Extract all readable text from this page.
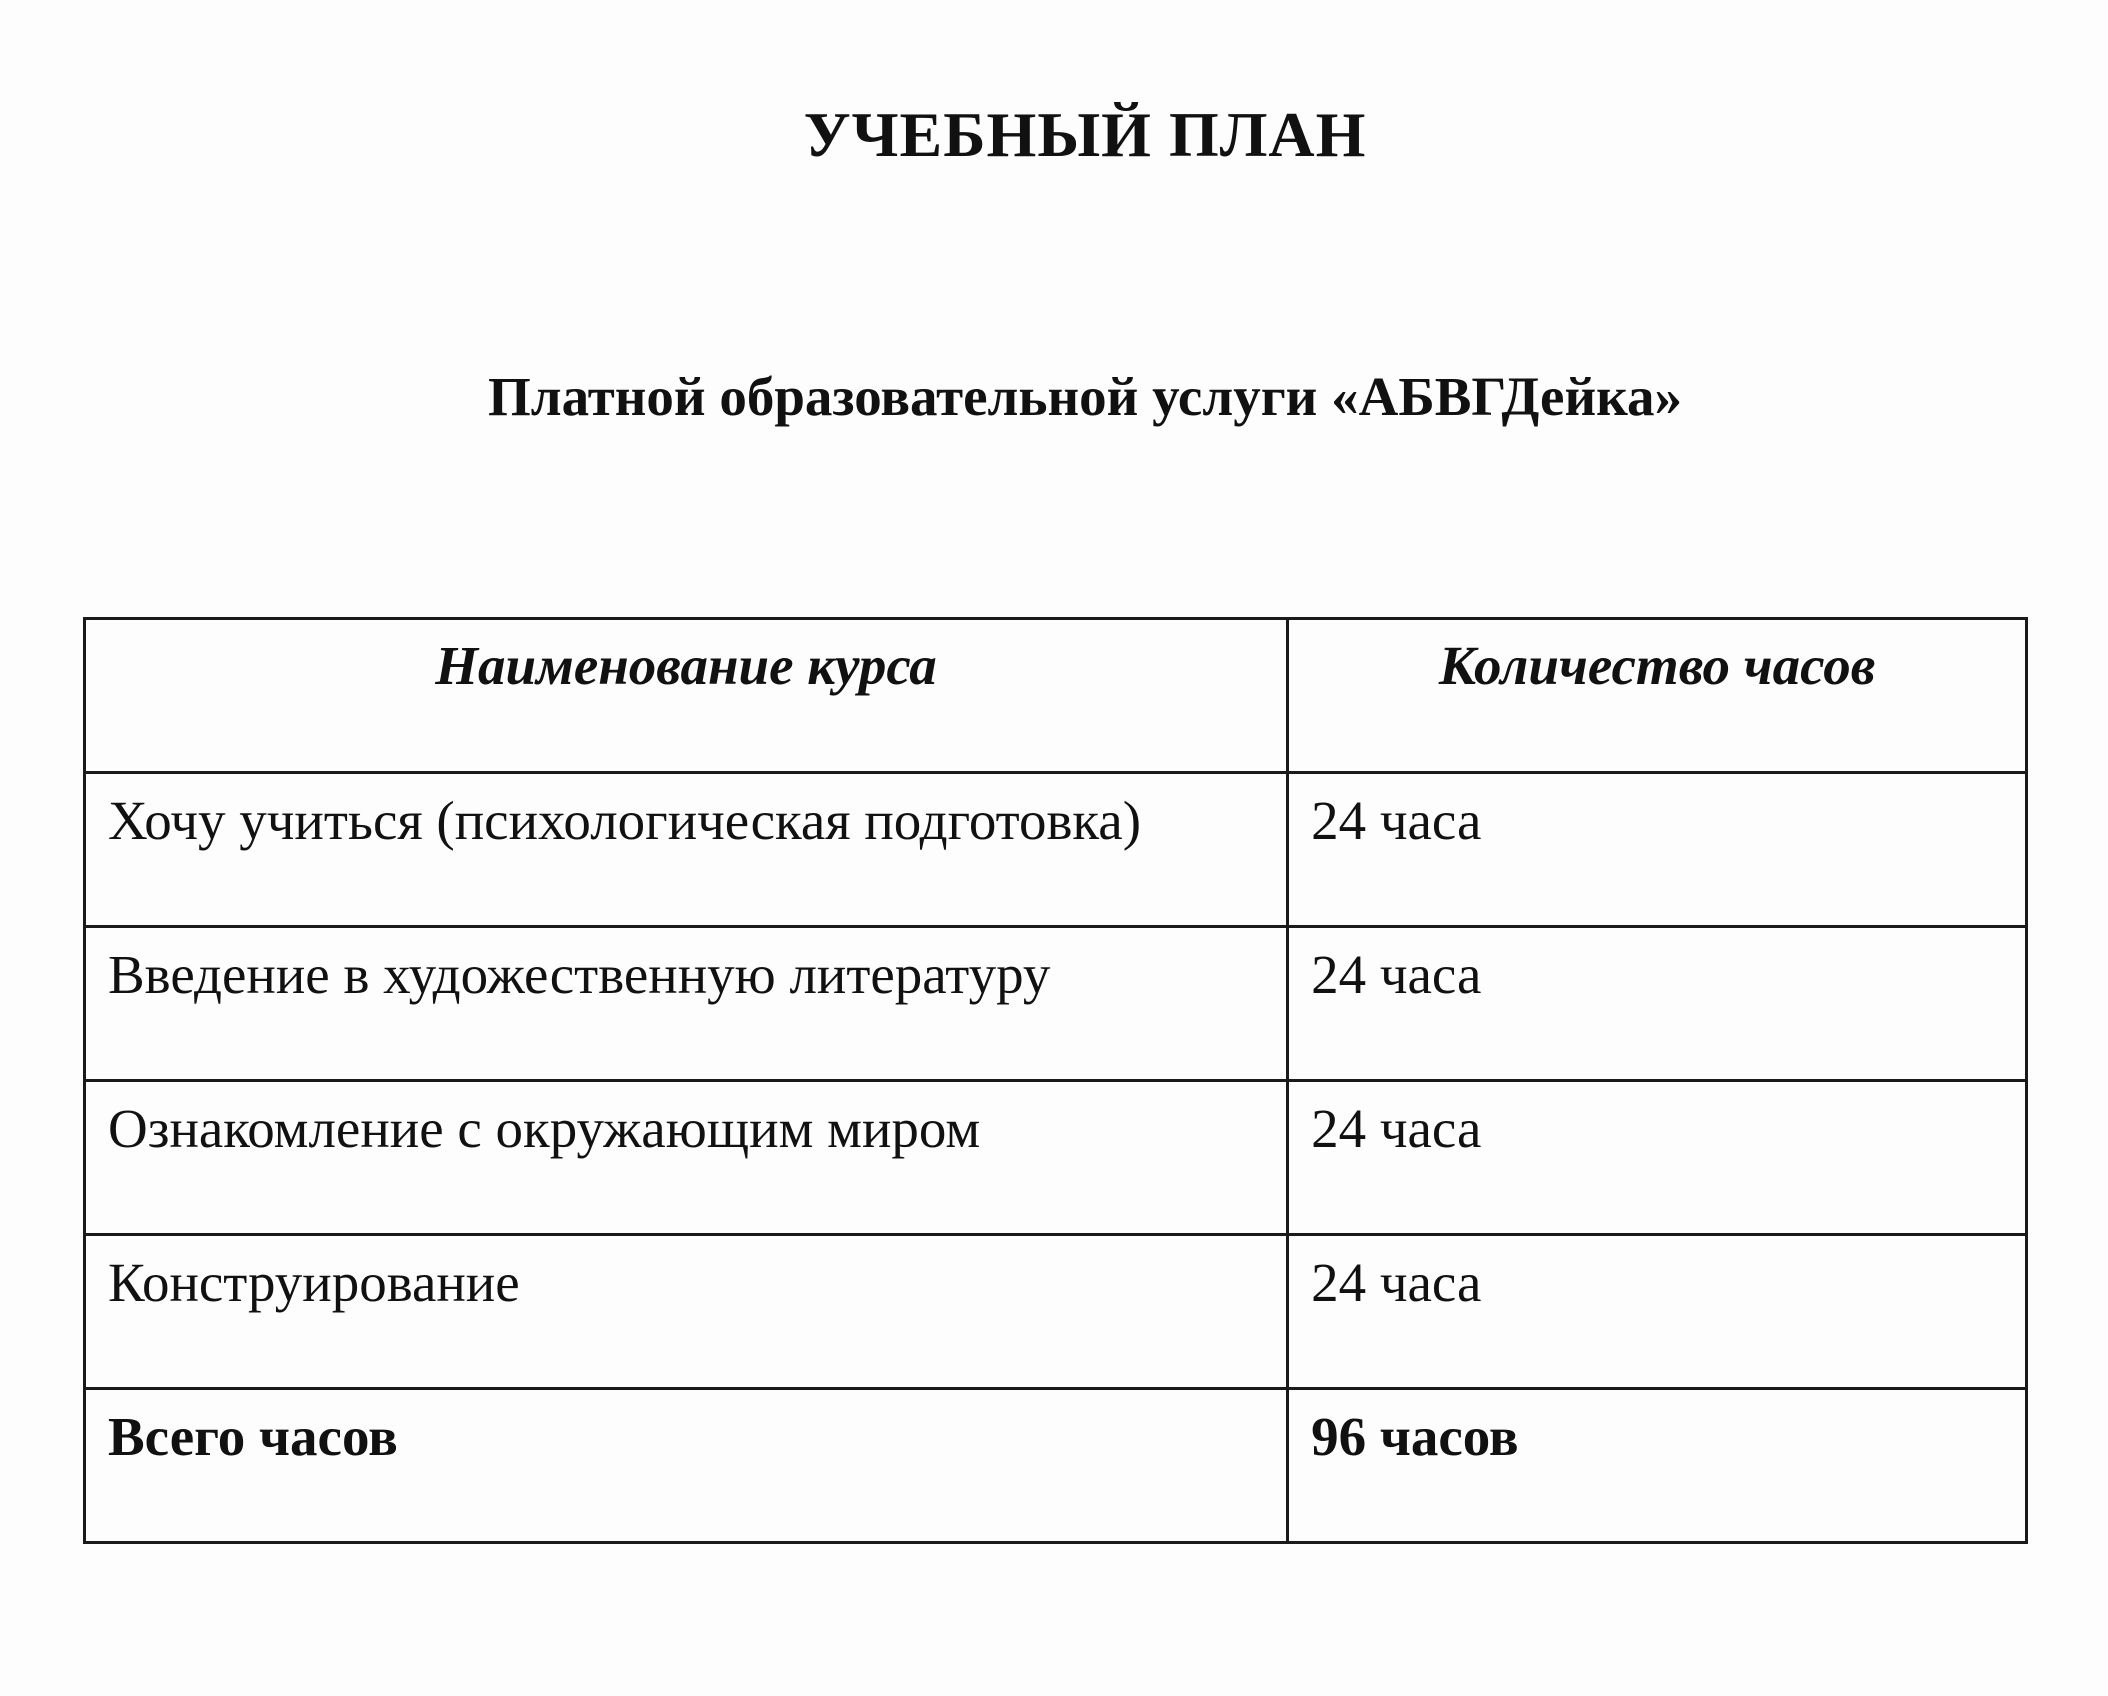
УЧЕБНЫЙ ПЛАН
Платной образовательной услуги «АБВГДейка»
Наименование курса	Количество часов
Хочу учиться (психологическая подготовка)	24 часа
Введение в художественную литературу	24 часа
Ознакомление с окружающим миром	24 часа
Конструирование	24 часа
Всего часов	96 часов
